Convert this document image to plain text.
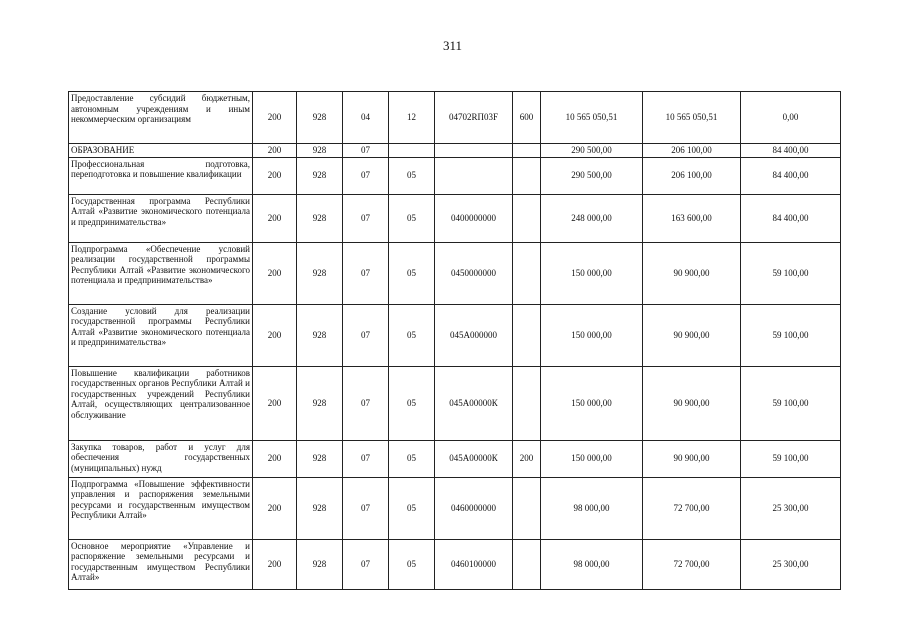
311
Предоставление субсидий бюджетным, автономным учреждениям и иным некоммерческим организациям	200	928	04	12	04702RП03F	600	10 565 050,51	10 565 050,51	0,00
ОБРАЗОВАНИЕ	200	928	07				290 500,00	206 100,00	84 400,00
Профессиональная подготовка, переподготовка и повышение квалификации	200	928	07	05			290 500,00	206 100,00	84 400,00
Государственная программа Республики Алтай «Развитие экономического потенциала и предпринимательства»	200	928	07	05	0400000000		248 000,00	163 600,00	84 400,00
Подпрограмма «Обеспечение условий реализации государственной программы Республики Алтай «Развитие экономического потенциала и предпринимательства»	200	928	07	05	0450000000		150 000,00	90 900,00	59 100,00
Создание условий для реализации государственной программы Республики Алтай «Развитие экономического потенциала и предпринимательства»	200	928	07	05	045А000000		150 000,00	90 900,00	59 100,00
Повышение квалификации работников государственных органов Республики Алтай и государственных учреждений Республики Алтай, осуществляющих централизованное обслуживание	200	928	07	05	045А00000К		150 000,00	90 900,00	59 100,00
Закупка товаров, работ и услуг для обеспечения государственных (муниципальных) нужд	200	928	07	05	045А00000К	200	150 000,00	90 900,00	59 100,00
Подпрограмма «Повышение эффективности управления и распоряжения земельными ресурсами и государственным имуществом Республики Алтай»	200	928	07	05	0460000000		98 000,00	72 700,00	25 300,00
Основное мероприятие «Управление и распоряжение земельными ресурсами и государственным имуществом Республики Алтай»	200	928	07	05	0460100000		98 000,00	72 700,00	25 300,00
